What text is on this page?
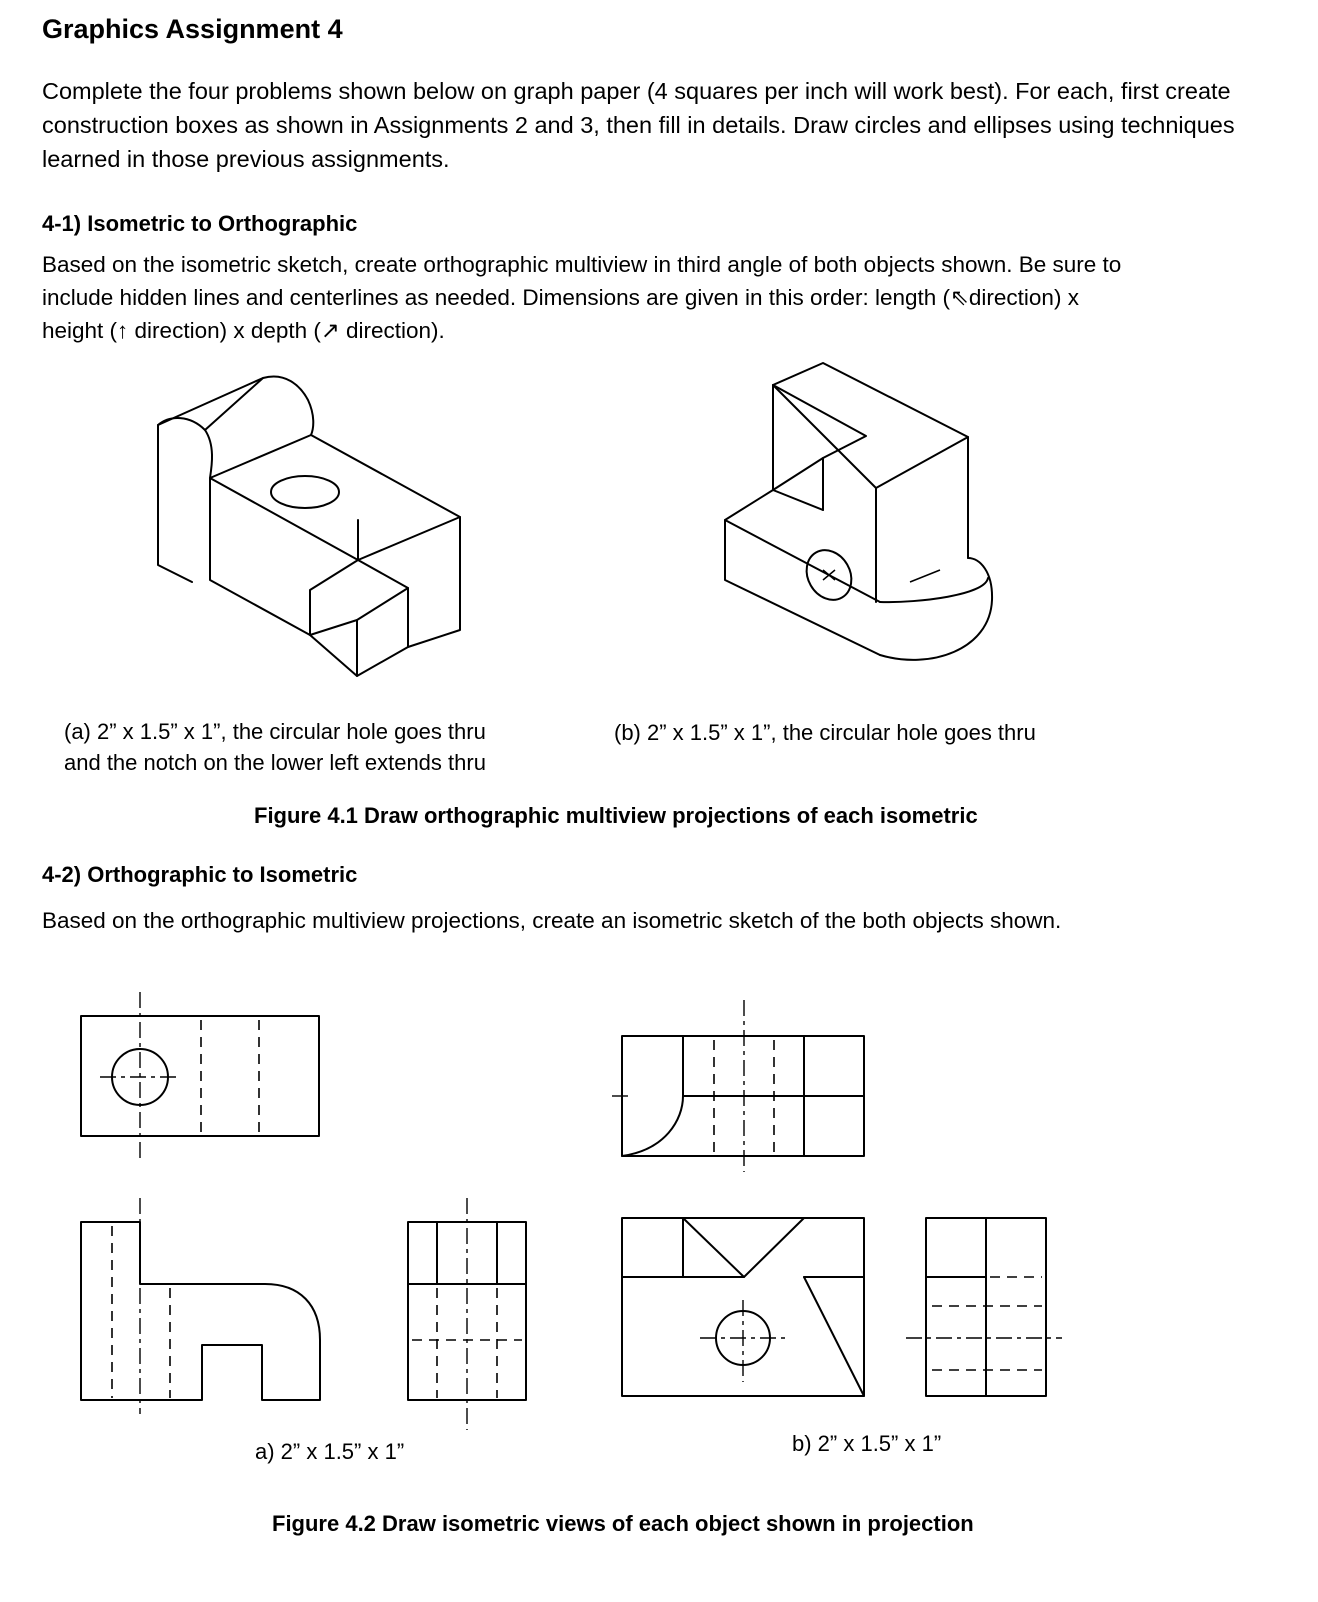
Graphics Assignment 4
Complete the four problems shown below on graph paper (4 squares per inch will work best). For each, first create construction boxes as shown in Assignments 2 and 3, then fill in details. Draw circles and ellipses using techniques learned in those previous assignments.
4-1) Isometric to Orthographic
Based on the isometric sketch, create orthographic multiview in third angle of both objects shown. Be sure to
include hidden lines and centerlines as needed. Dimensions are given in this order: length (⇖direction) x
height (↑ direction) x depth (↗ direction).
(a) 2” x 1.5” x 1”, the circular hole goes thru
and the notch on the lower left extends thru
(b) 2” x 1.5” x 1”, the circular hole goes thru
Figure 4.1 Draw orthographic multiview projections of each isometric
4-2) Orthographic to Isometric
Based on the orthographic multiview projections, create an isometric sketch of the both objects shown.
a) 2” x 1.5” x 1”	b) 2” x 1.5” x 1”
Figure 4.2 Draw isometric views of each object shown in projection
